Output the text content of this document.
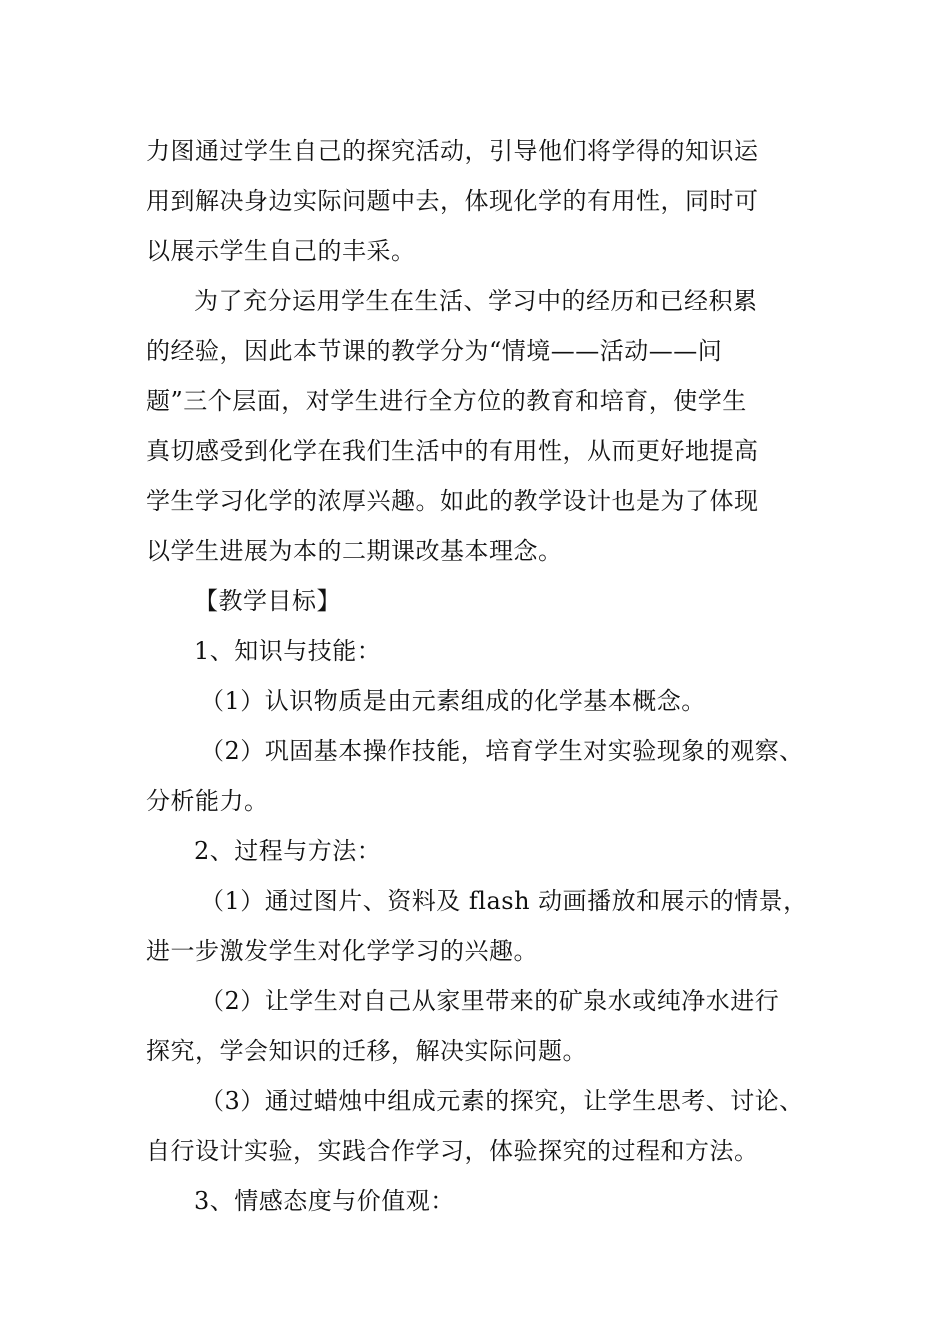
力图通过学生自己的探究活动，引导他们将学得的知识运
用到解决身边实际问题中去，体现化学的有用性，同时可
以展示学生自己的丰采。
为了充分运用学生在生活、学习中的经历和已经积累
的经验，因此本节课的教学分为“情境——活动——问
题”三个层面，对学生进行全方位的教育和培育，使学生
真切感受到化学在我们生活中的有用性，从而更好地提高
学生学习化学的浓厚兴趣。如此的教学设计也是为了体现
以学生进展为本的二期课改基本理念。
【教学目标】
1、知识与技能：
（1）认识物质是由元素组成的化学基本概念。
（2）巩固基本操作技能，培育学生对实验现象的观察、
分析能力。
2、过程与方法：
（1）通过图片、资料及 flash 动画播放和展示的情景，
进一步激发学生对化学学习的兴趣。
（2）让学生对自己从家里带来的矿泉水或纯净水进行
探究，学会知识的迁移，解决实际问题。
（3）通过蜡烛中组成元素的探究，让学生思考、讨论、
自行设计实验，实践合作学习，体验探究的过程和方法。
3、情感态度与价值观：
